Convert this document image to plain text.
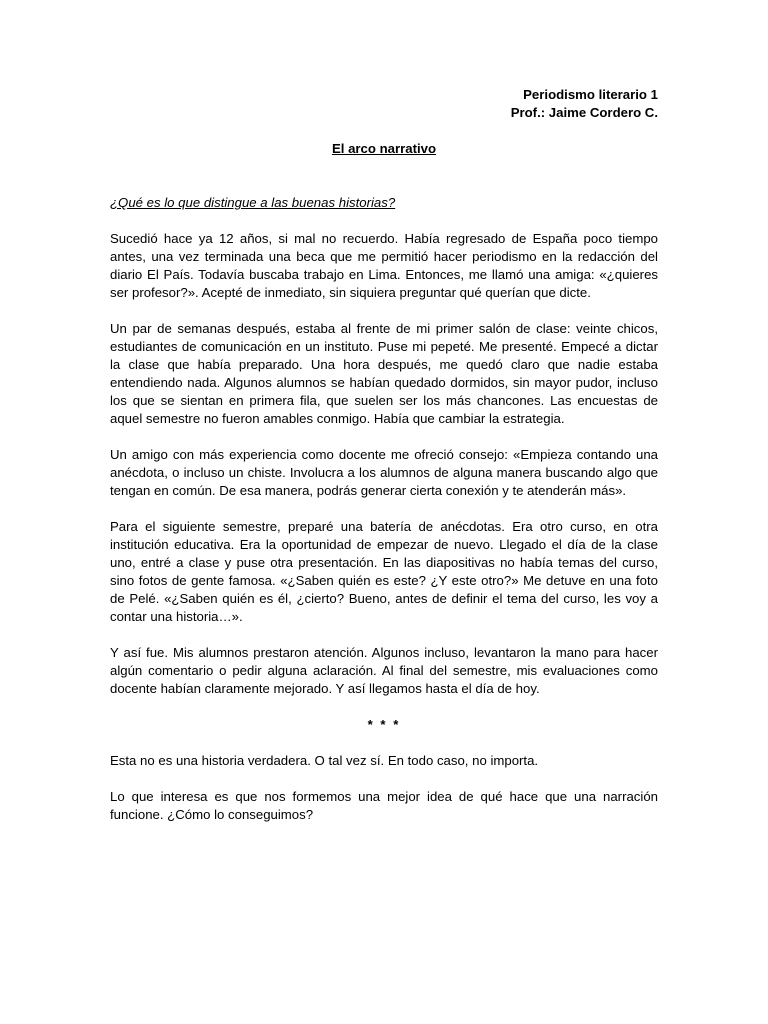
Periodismo literario 1
Prof.: Jaime Cordero C.
El arco narrativo
¿Qué es lo que distingue a las buenas historias?
Sucedió hace ya 12 años, si mal no recuerdo. Había regresado de España poco tiempo antes, una vez terminada una beca que me permitió hacer periodismo en la redacción del diario El País. Todavía buscaba trabajo en Lima. Entonces, me llamó una amiga: «¿quieres ser profesor?». Acepté de inmediato, sin siquiera preguntar qué querían que dicte.
Un par de semanas después, estaba al frente de mi primer salón de clase: veinte chicos, estudiantes de comunicación en un instituto. Puse mi pepeté. Me presenté. Empecé a dictar la clase que había preparado. Una hora después, me quedó claro que nadie estaba entendiendo nada. Algunos alumnos se habían quedado dormidos, sin mayor pudor, incluso los que se sientan en primera fila, que suelen ser los más chancones. Las encuestas de aquel semestre no fueron amables conmigo. Había que cambiar la estrategia.
Un amigo con más experiencia como docente me ofreció consejo: «Empieza contando una anécdota, o incluso un chiste. Involucra a los alumnos de alguna manera buscando algo que tengan en común. De esa manera, podrás generar cierta conexión y te atenderán más».
Para el siguiente semestre, preparé una batería de anécdotas. Era otro curso, en otra institución educativa. Era la oportunidad de empezar de nuevo. Llegado el día de la clase uno, entré a clase y puse otra presentación. En las diapositivas no había temas del curso, sino fotos de gente famosa. «¿Saben quién es este? ¿Y este otro?» Me detuve en una foto de Pelé. «¿Saben quién es él, ¿cierto? Bueno, antes de definir el tema del curso, les voy a contar una historia…».
Y así fue. Mis alumnos prestaron atención. Algunos incluso, levantaron la mano para hacer algún comentario o pedir alguna aclaración. Al final del semestre, mis evaluaciones como docente habían claramente mejorado. Y así llegamos hasta el día de hoy.
* * *
Esta no es una historia verdadera. O tal vez sí. En todo caso, no importa.
Lo que interesa es que nos formemos una mejor idea de qué hace que una narración funcione. ¿Cómo lo conseguimos?
